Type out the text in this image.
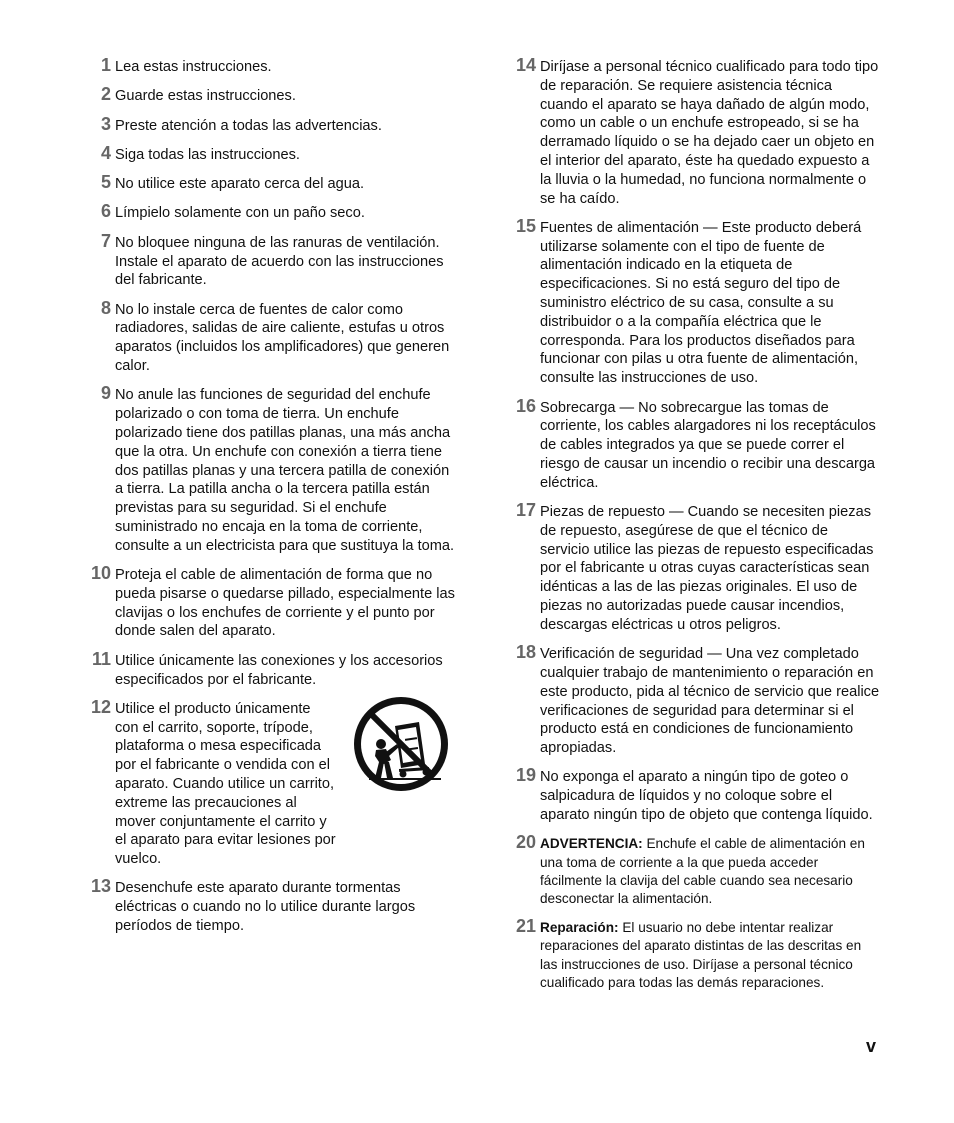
1 Lea estas instrucciones.
2 Guarde estas instrucciones.
3 Preste atención a todas las advertencias.
4 Siga todas las instrucciones.
5 No utilice este aparato cerca del agua.
6 Límpielo solamente con un paño seco.
7 No bloquee ninguna de las ranuras de ventilación. Instale el aparato de acuerdo con las instrucciones del fabricante.
8 No lo instale cerca de fuentes de calor como radiadores, salidas de aire caliente, estufas u otros aparatos (incluidos los amplificadores) que generen calor.
9 No anule las funciones de seguridad del enchufe polarizado o con toma de tierra. Un enchufe polarizado tiene dos patillas planas, una más ancha que la otra. Un enchufe con conexión a tierra tiene dos patillas planas y una tercera patilla de conexión a tierra. La patilla ancha o la tercera patilla están previstas para su seguridad. Si el enchufe suministrado no encaja en la toma de corriente, consulte a un electricista para que sustituya la toma.
10 Proteja el cable de alimentación de forma que no pueda pisarse o quedarse pillado, especialmente las clavijas o los enchufes de corriente y el punto por donde salen del aparato.
11 Utilice únicamente las conexiones y los accesorios especificados por el fabricante.
12 Utilice el producto únicamente con el carrito, soporte, trípode, plataforma o mesa especificada por el fabricante o vendida con el aparato. Cuando utilice un carrito, extreme las precauciones al mover conjuntamente el carrito y el aparato para evitar lesiones por vuelco.
13 Desenchufe este aparato durante tormentas eléctricas o cuando no lo utilice durante largos períodos de tiempo.
14 Diríjase a personal técnico cualificado para todo tipo de reparación. Se requiere asistencia técnica cuando el aparato se haya dañado de algún modo, como un cable o un enchufe estropeado, si se ha derramado líquido o se ha dejado caer un objeto en el interior del aparato, éste ha quedado expuesto a la lluvia o la humedad, no funciona normalmente o se ha caído.
15 Fuentes de alimentación — Este producto deberá utilizarse solamente con el tipo de fuente de alimentación indicado en la etiqueta de especificaciones. Si no está seguro del tipo de suministro eléctrico de su casa, consulte a su distribuidor o a la compañía eléctrica que le corresponda. Para los productos diseñados para funcionar con pilas u otra fuente de alimentación, consulte las instrucciones de uso.
16 Sobrecarga — No sobrecargue las tomas de corriente, los cables alargadores ni los receptáculos de cables integrados ya que se puede correr el riesgo de causar un incendio o recibir una descarga eléctrica.
17 Piezas de repuesto — Cuando se necesiten piezas de repuesto, asegúrese de que el técnico de servicio utilice las piezas de repuesto especificadas por el fabricante u otras cuyas características sean idénticas a las de las piezas originales. El uso de piezas no autorizadas puede causar incendios, descargas eléctricas u otros peligros.
18 Verificación de seguridad — Una vez completado cualquier trabajo de mantenimiento o reparación en este producto, pida al técnico de servicio que realice verificaciones de seguridad para determinar si el producto está en condiciones de funcionamiento apropiadas.
19 No exponga el aparato a ningún tipo de goteo o salpicadura de líquidos y no coloque sobre el aparato ningún tipo de objeto que contenga líquido.
20 ADVERTENCIA: Enchufe el cable de alimentación en una toma de corriente a la que pueda acceder fácilmente la clavija del cable cuando sea necesario desconectar la alimentación.
21 Reparación: El usuario no debe intentar realizar reparaciones del aparato distintas de las descritas en las instrucciones de uso. Diríjase a personal técnico cualificado para todas las demás reparaciones.
v
